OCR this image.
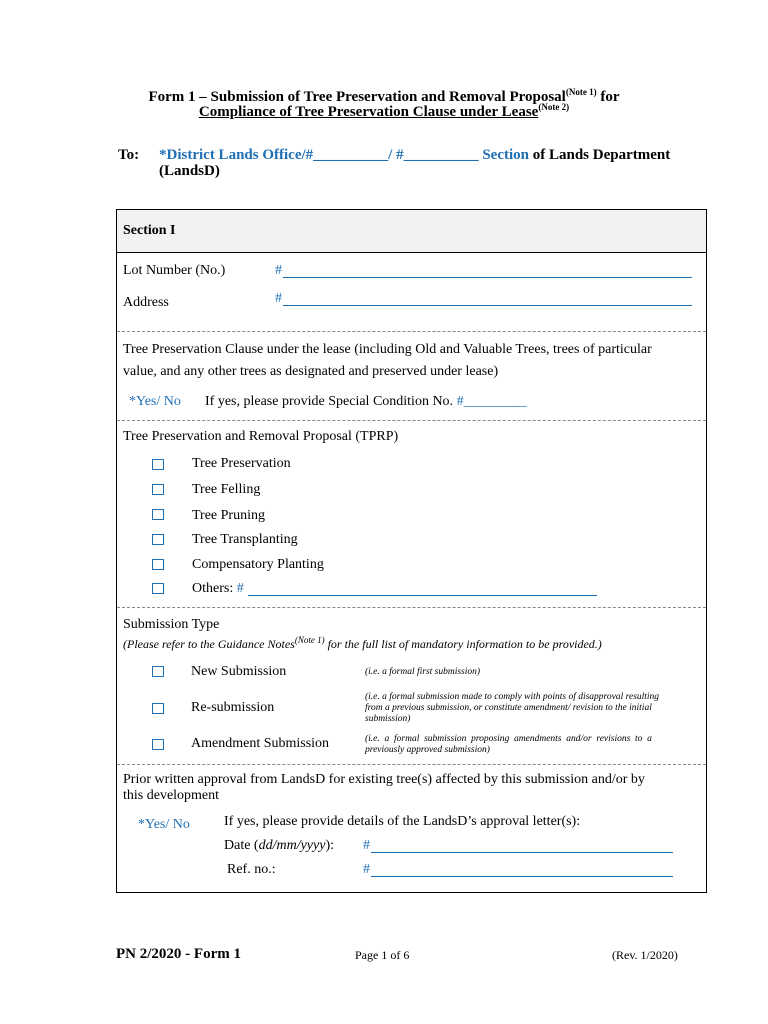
Form 1 – Submission of Tree Preservation and Removal Proposal$^{(Note 1)}$ for
Compliance of Tree Preservation Clause under Lease$^{(Note 2)}$
To: *District Lands Office/#__________/ #__________ Section of Lands Department
(LandsD)
Section I
Lot Number (No.)	#
Address	#
Tree Preservation Clause under the lease (including Old and Valuable Trees, trees of particular
value, and any other trees as designated and preserved under lease)
*Yes/ No If yes, please provide Special Condition No. #_________
Tree Preservation and Removal Proposal (TPRP)
Tree Preservation
Tree Felling
Tree Pruning
Tree Transplanting
Compensatory Planting
Others: #
Submission Type
(Please refer to the Guidance Notes$^{(Note 1)}$ for the full list of mandatory information to be provided.)
New Submission	(i.e. a formal first submission)
Re-submission
(i.e. a formal submission made to comply with points of disapproval resulting
from a previous submission, or constitute amendment/ revision to the initial
submission)
Amendment Submission	(i.e.  a  formal  submission  proposing  amendments  and/or  revisions  to  a
previously approved submission)
Prior written approval from LandsD for existing tree(s) affected by this submission and/or by
this development
*Yes/ No If yes, please provide details of the LandsD’s approval letter(s):
Date (dd/mm/yyyy): #
Ref. no.:	#
PN 2/2020 - Form 1	Page 1 of 6	(Rev. 1/2020)
